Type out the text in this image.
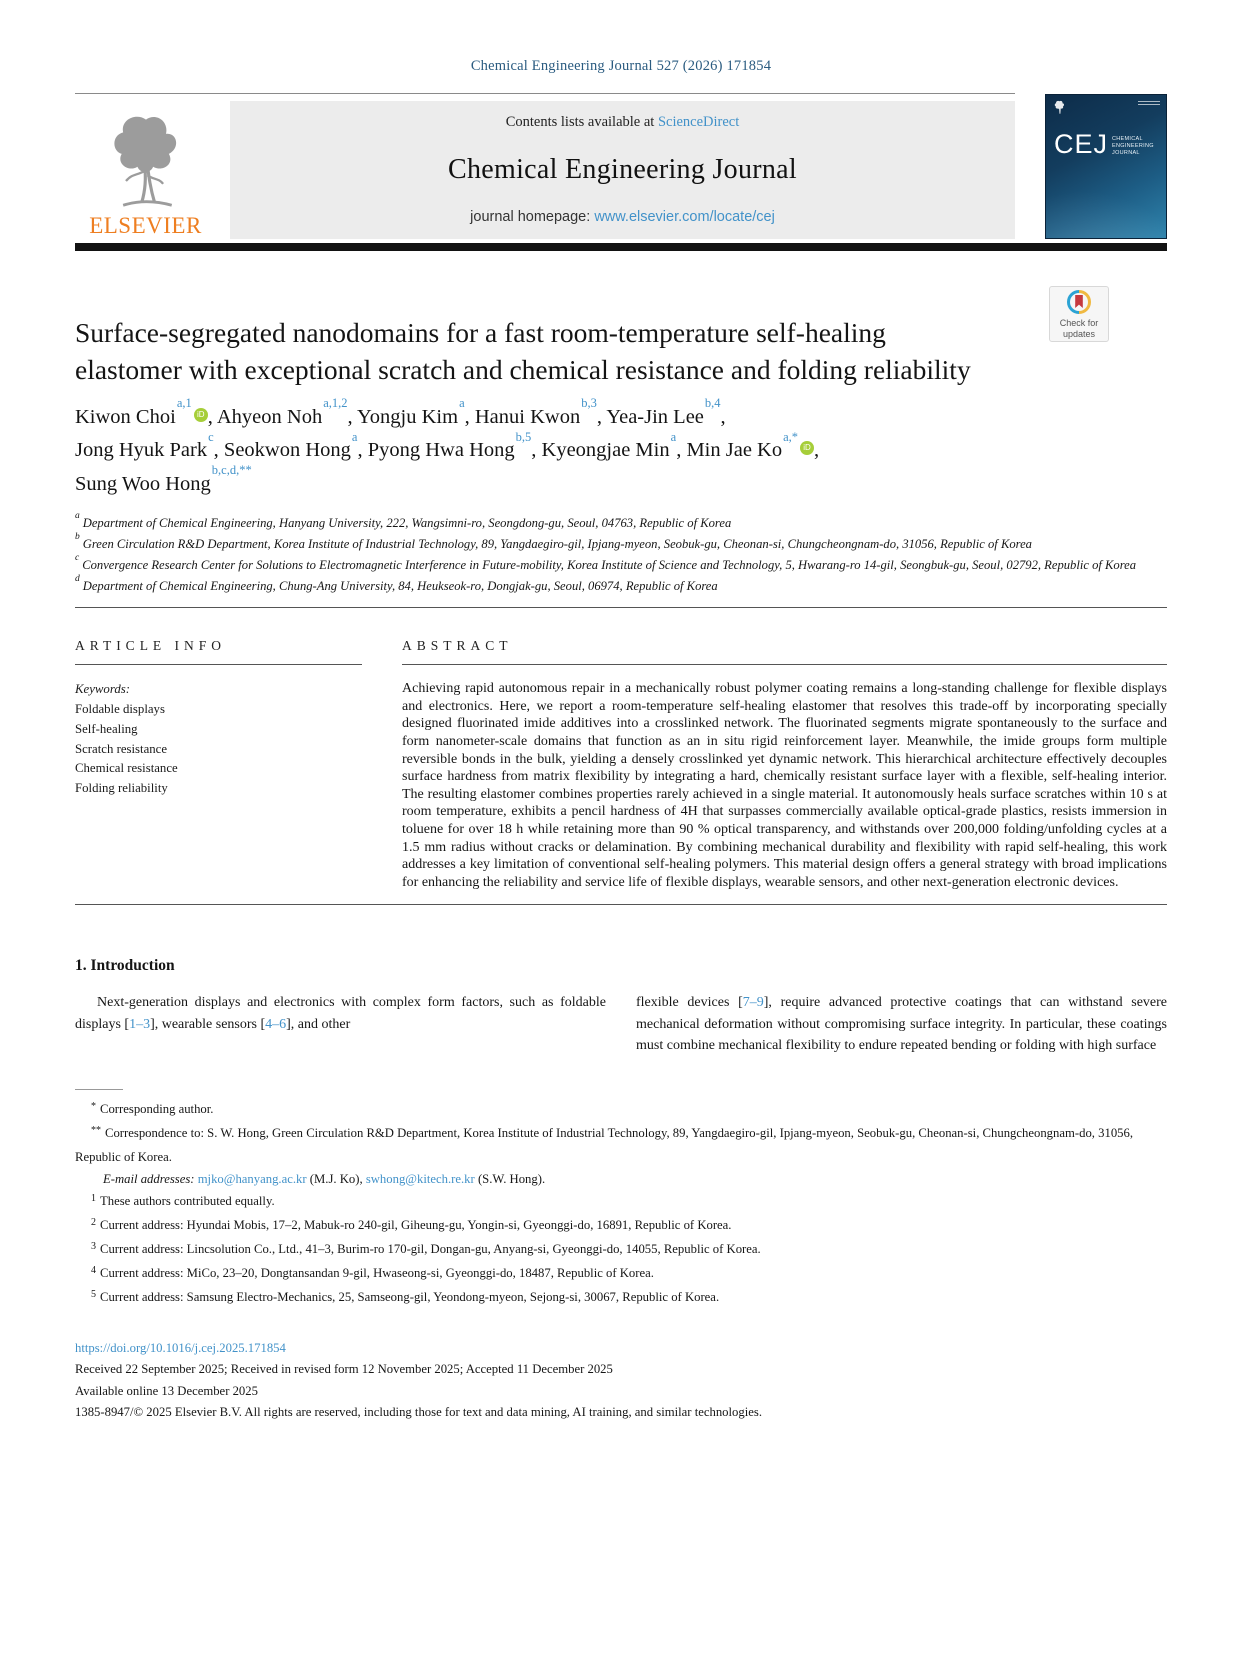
Chemical Engineering Journal 527 (2026) 171854
ELSEVIER
Contents lists available at ScienceDirect
Chemical Engineering Journal
journal homepage: www.elsevier.com/locate/cej
CEJ CHEMICAL ENGINEERING JOURNAL
Surface-segregated nanodomains for a fast room-temperature self-healing elastomer with exceptional scratch and chemical resistance and folding reliability
Check for
updates
Kiwon Choi$^{a,1}$iD , Ahyeon Noh$^{a,1,2}$, Yongju Kim$^a$, Hanui Kwon$^{b,3}$, Yea-Jin Lee$^{b,4}$,
Jong Hyuk Park$^c$, Seokwon Hong$^a$, Pyong Hwa Hong$^{b,5}$, Kyeongjae Min$^a$, Min Jae $Ko^{a,*}iD$ ,
Sung Woo Hong$^{b,c,d,**}$
$^a$Department of Chemical Engineering, Hanyang University, 222, Wangsimni-ro, Seongdong-gu, Seoul, 04763, Republic of Korea
$^b$Green Circulation R&D Department, Korea Institute of Industrial Technology, 89, Yangdaegiro-gil, Ipjang-myeon, Seobuk-gu, Cheonan-si, Chungcheongnam-do, 31056, Republic of Korea
$^c$Convergence Research Center for Solutions to Electromagnetic Interference in Future-mobility, Korea Institute of Science and Technology, 5, Hwarang-ro 14-gil, Seongbuk-gu, Seoul, 02792, Republic of Korea
$^d$Department of Chemical Engineering, Chung-Ang University, 84, Heukseok-ro, Dongjak-gu, Seoul, 06974, Republic of Korea
ARTICLE INFO
Keywords:
Foldable displays
Self-healing
Scratch resistance
Chemical resistance
Folding reliability
ABSTRACT
Achieving rapid autonomous repair in a mechanically robust polymer coating remains a long-standing challenge for flexible displays and electronics. Here, we report a room-temperature self-healing elastomer that resolves this trade-off by incorporating specially designed fluorinated imide additives into a crosslinked network. The fluorinated segments migrate spontaneously to the surface and form nanometer-scale domains that function as an in situ rigid reinforcement layer. Meanwhile, the imide groups form multiple reversible bonds in the bulk, yielding a densely crosslinked yet dynamic network. This hierarchical architecture effectively decouples surface hardness from matrix flexibility by integrating a hard, chemically resistant surface layer with a flexible, self-healing interior. The resulting elastomer combines properties rarely achieved in a single material. It autonomously heals surface scratches within 10 s at room temperature, exhibits a pencil hardness of 4H that surpasses commercially available optical-grade plastics, resists immersion in toluene for over 18 h while retaining more than 90 % optical transparency, and withstands over 200,000 folding/unfolding cycles at a 1.5 mm radius without cracks or delamination. By combining mechanical durability and flexibility with rapid self-healing, this work addresses a key limitation of conventional self-healing polymers. This material design offers a general strategy with broad implications for enhancing the reliability and service life of flexible displays, wearable sensors, and other next-generation electronic devices.
1. Introduction

Next-generation displays and electronics with complex form factors, such as foldable displays [1–3], wearable sensors [4–6], and other

flexible devices [7–9], require advanced protective coatings that can withstand severe mechanical deformation without compromising surface integrity. In particular, these coatings must combine mechanical flexibility to endure repeated bending or folding with high surface

* Corresponding author.
** Correspondence to: S. W. Hong, Green Circulation R&D Department, Korea Institute of Industrial Technology, 89, Yangdaegiro-gil, Ipjang-myeon, Seobuk-gu, Cheonan-si, Chungcheongnam-do, 31056, Republic of Korea.
E-mail addresses: mjko@hanyang.ac.kr (M.J. Ko), swhong@kitech.re.kr (S.W. Hong).
$^1$ These authors contributed equally.
$^2$ Current address: Hyundai Mobis, 17–2, Mabuk-ro 240-gil, Giheung-gu, Yongin-si, Gyeonggi-do, 16891, Republic of Korea.
$^3$ Current address: Lincsolution Co., Ltd., 41–3, Burim-ro 170-gil, Dongan-gu, Anyang-si, Gyeonggi-do, 14055, Republic of Korea.
$^4$ Current address: MiCo, 23–20, Dongtansandan 9-gil, Hwaseong-si, Gyeonggi-do, 18487, Republic of Korea.
$^5$ Current address: Samsung Electro-Mechanics, 25, Samseong-gil, Yeondong-myeon, Sejong-si, 30067, Republic of Korea.
https://doi.org/10.1016/j.cej.2025.171854
Received 22 September 2025; Received in revised form 12 November 2025; Accepted 11 December 2025
Available online 13 December 2025
1385-8947/© 2025 Elsevier B.V. All rights are reserved, including those for text and data mining, AI training, and similar technologies.
